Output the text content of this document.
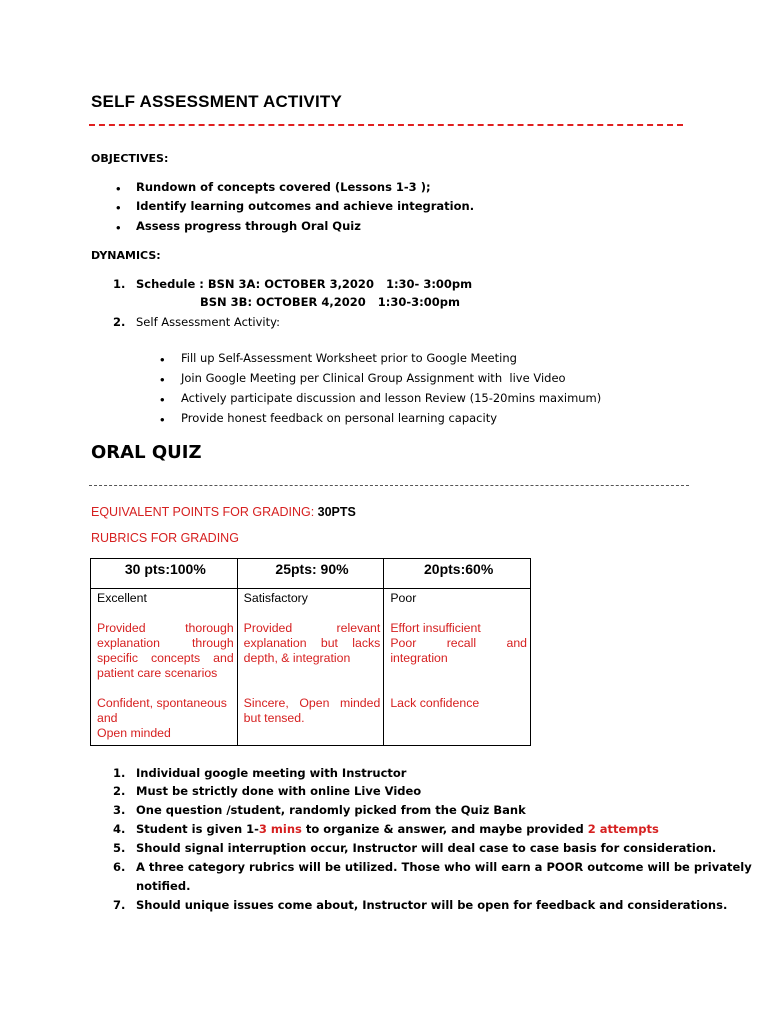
SELF ASSESSMENT ACTIVITY
OBJECTIVES:
• Rundown of concepts covered (Lessons 1-3 );
• Identify learning outcomes and achieve integration.
• Assess progress through Oral Quiz
DYNAMICS:
1. Schedule : BSN 3A: OCTOBER 3,2020   1:30- 3:00pm
BSN 3B: OCTOBER 4,2020   1:30-3:00pm
2. Self Assessment Activity:
• Fill up Self-Assessment Worksheet prior to Google Meeting
• Join Google Meeting per Clinical Group Assignment with  live Video
• Actively participate discussion and lesson Review (15-20mins maximum)
• Provide honest feedback on personal learning capacity
ORAL QUIZ
EQUIVALENT POINTS FOR GRADING: 30PTS
RUBRICS FOR GRADING
30 pts:100%	25pts: 90%	20pts:60%

Excellent
Provided thorough explanation through specific concepts and patient care scenarios
Confident, spontaneous and
Open minded	Satisfactory
Provided relevant explanation but lacks depth, & integration
Sincere, Open minded but tensed.	Poor
Effort insufficient
Poor recall and integration
Lack confidence
1. Individual google meeting with Instructor
2. Must be strictly done with online Live Video
3. One question /student, randomly picked from the Quiz Bank
4. Student is given 1-3 mins to organize & answer, and maybe provided 2 attempts
5. Should signal interruption occur, Instructor will deal case to case basis for consideration.
6. A three category rubrics will be utilized. Those who will earn a POOR outcome will be privately
notified.
7. Should unique issues come about, Instructor will be open for feedback and considerations.
